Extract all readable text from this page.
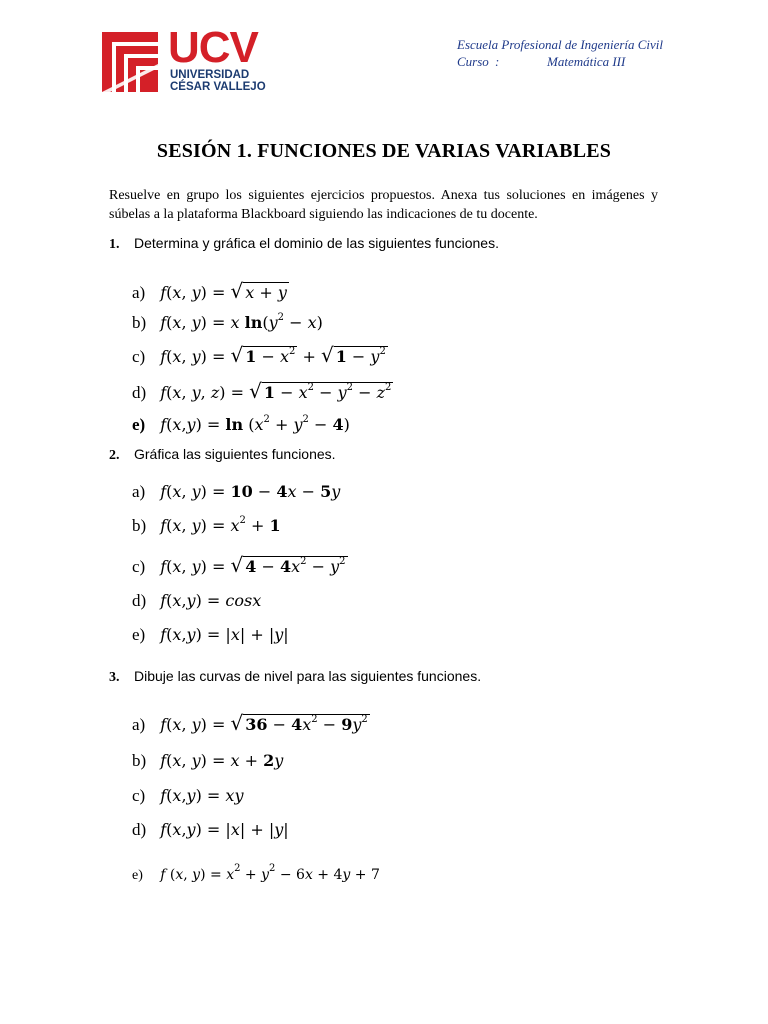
UCV
UNIVERSIDAD
CÉSAR VALLEJO
Escuela Profesional de Ingeniería Civil
Curso :	Matemática III
SESIÓN 1. FUNCIONES DE VARIAS VARIABLES
Resuelve en grupo los siguientes ejercicios propuestos. Anexa tus soluciones en imágenes y súbelas a la plataforma Blackboard siguiendo las indicaciones de tu docente.
1. Determina y gráfica el dominio de las siguientes funciones.
a) f(x, y) = √ x + y
b) f(x, y) = x $\ln(y^2 - x)$
c) f(x, y) = √ $1 - x^2$ + √ $1 - y^2$
d) f(x, y, z) = √ $1 - x^2 - y^2 - z^2$
e) $f(x,y) = \ln (x^2 + y^2 - 4)$
2. Gráfica las siguientes funciones.
a) f(x, y) = 10 − 4x − 5y
b) f(x, $y) = x^2 + 1$
c) f(x, y) = √ $4 - 4x^2 - y^2$
d) f(x,y) = cosx
e) f(x,y) = |x| + |y|
3. Dibuje las curvas de nivel para las siguientes funciones.
a) f(x, y) = √ $36 - 4x^2 - 9y^2$
b) f(x, y) = x + 2y
c) f(x,y) = xy
d) f(x,y) = |x| + |y|
e) f (x, $y) = x^2 + y^2 - 6x + 4y + 7$
